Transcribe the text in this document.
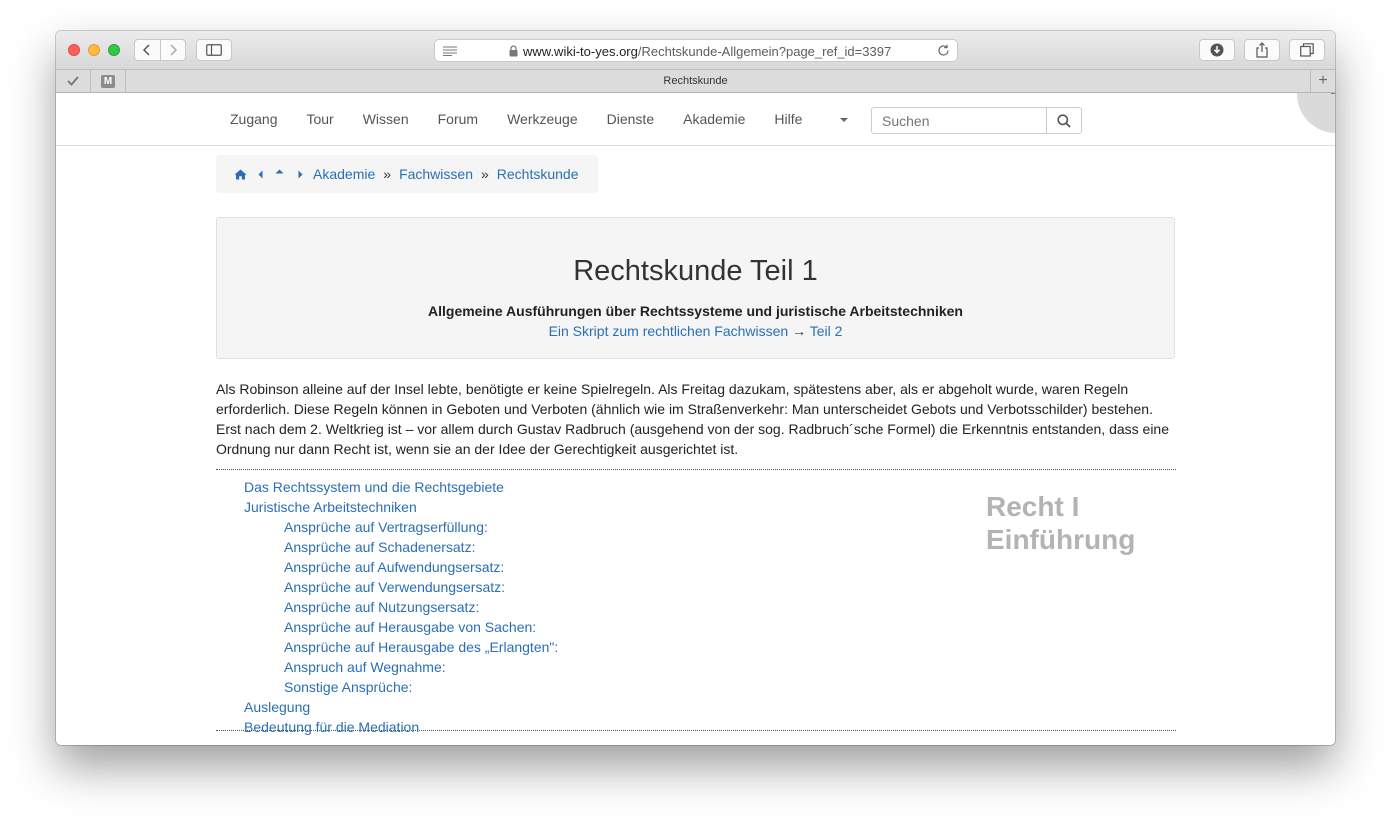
www.wiki-to-yes.org/Rechtskunde-Allgemein?page_ref_id=3397
M	Rechtskunde	+
Zugang Tour Wissen Forum Werkzeuge Dienste Akademie Hilfe
Suchen
Akademie » Fachwissen » Rechtskunde
Rechtskunde Teil 1
Allgemeine Ausführungen über Rechtssysteme und juristische Arbeitstechniken
Ein Skript zum rechtlichen Fachwissen → Teil 2
Als Robinson alleine auf der Insel lebte, benötigte er keine Spielregeln. Als Freitag dazukam, spätestens aber, als er abgeholt wurde, waren Regeln erforderlich. Diese Regeln können in Geboten und Verboten (ähnlich wie im Straßenverkehr: Man unterscheidet Gebots und Verbotsschilder) bestehen. Erst nach dem 2. Weltkrieg ist – vor allem durch Gustav Radbruch (ausgehend von der sog. Radbruch´sche Formel) die Erkenntnis entstanden, dass eine Ordnung nur dann Recht ist, wenn sie an der Idee der Gerechtigkeit ausgerichtet ist.
Das Rechtssystem und die Rechtsgebiete
Juristische Arbeitstechniken
Ansprüche auf Vertragserfüllung:
Ansprüche auf Schadenersatz:
Ansprüche auf Aufwendungsersatz:
Ansprüche auf Verwendungsersatz:
Ansprüche auf Nutzungsersatz:
Ansprüche auf Herausgabe von Sachen:
Ansprüche auf Herausgabe des „Erlangten":
Anspruch auf Wegnahme:
Sonstige Ansprüche:
Auslegung
Bedeutung für die Mediation
Recht I
Einführung
